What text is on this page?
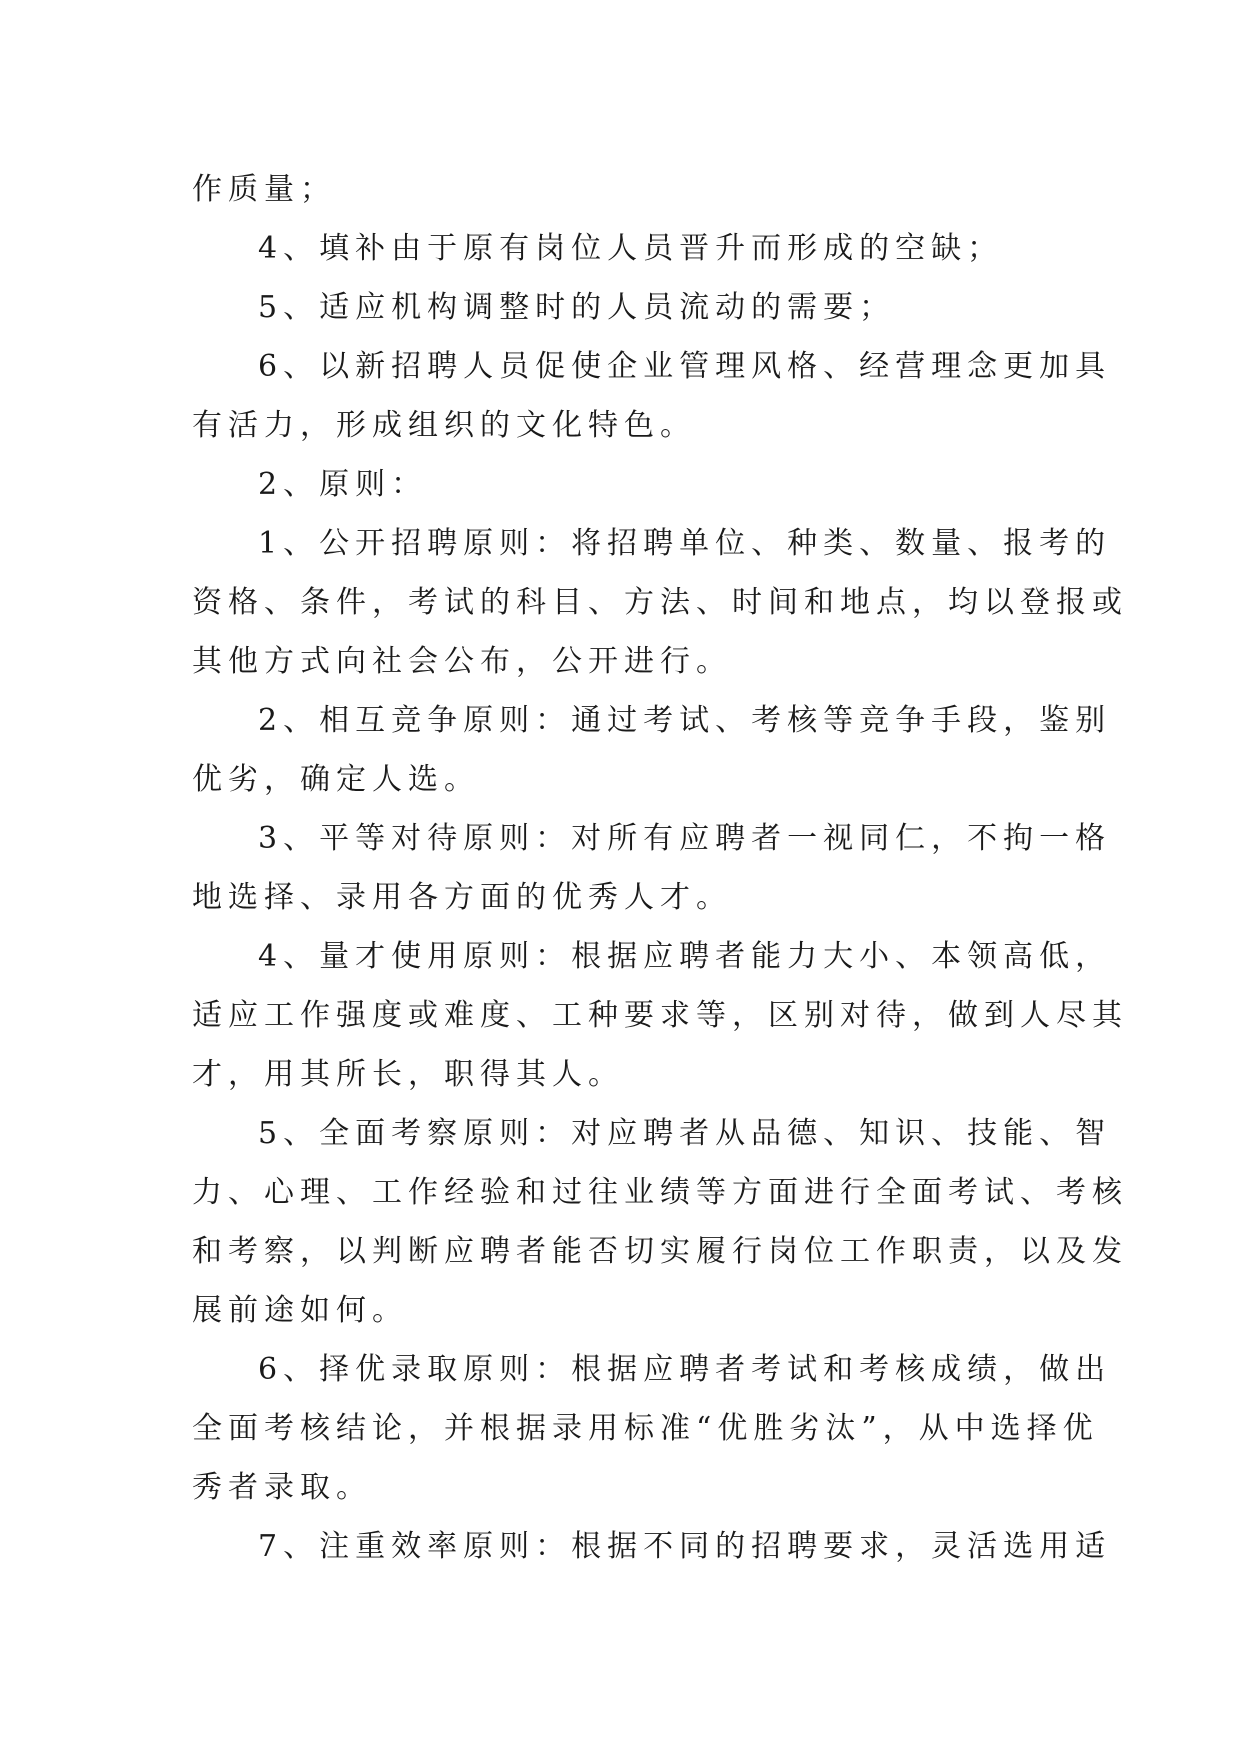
作质量；

4、填补由于原有岗位人员晋升而形成的空缺；

5、适应机构调整时的人员流动的需要；

6、以新招聘人员促使企业管理风格、经营理念更加具

有活力，形成组织的文化特色。

2、原则：

1、公开招聘原则：将招聘单位、种类、数量、报考的

资格、条件，考试的科目、方法、时间和地点，均以登报或

其他方式向社会公布，公开进行。

2、相互竞争原则：通过考试、考核等竞争手段，鉴别

优劣，确定人选。

3、平等对待原则：对所有应聘者一视同仁，不拘一格

地选择、录用各方面的优秀人才。

4、量才使用原则：根据应聘者能力大小、本领高低，

适应工作强度或难度、工种要求等，区别对待，做到人尽其

才，用其所长，职得其人。

5、全面考察原则：对应聘者从品德、知识、技能、智

力、心理、工作经验和过往业绩等方面进行全面考试、考核

和考察，以判断应聘者能否切实履行岗位工作职责，以及发

展前途如何。

6、择优录取原则：根据应聘者考试和考核成绩，做出

全面考核结论，并根据录用标准“优胜劣汰”，从中选择优

秀者录取。

7、注重效率原则：根据不同的招聘要求，灵活选用适
